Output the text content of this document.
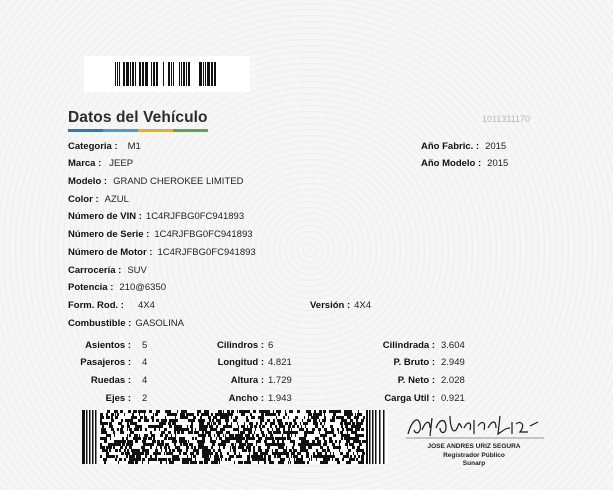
Datos del Vehículo	1011311170
Categoria : M1
Marca : JEEP
Modelo : GRAND CHEROKEE LIMITED
Color : AZUL
Número de VIN : 1C4RJFBG0FC941893
Número de Serie : 1C4RJFBG0FC941893
Número de Motor : 1C4RJFBG0FC941893
Carrocería : SUV
Potencia : 210@6350
Form. Rod. : 4X4
Combustible : GASOLINA
Año Fabric. : 2015
Año Modelo : 2015
Versión : 4X4
Asientos : 5
Pasajeros : 4
Ruedas : 4
Ejes : 2
Cilindros : 6
Longitud : 4.821
Altura : 1.729
Ancho : 1.943
Cilindrada : 3.604
P. Bruto : 2.949
P. Neto : 2.028
Carga Util : 0.921
JOSE ANDRES URIZ SEGURA
Registrador Público
Sunarp
